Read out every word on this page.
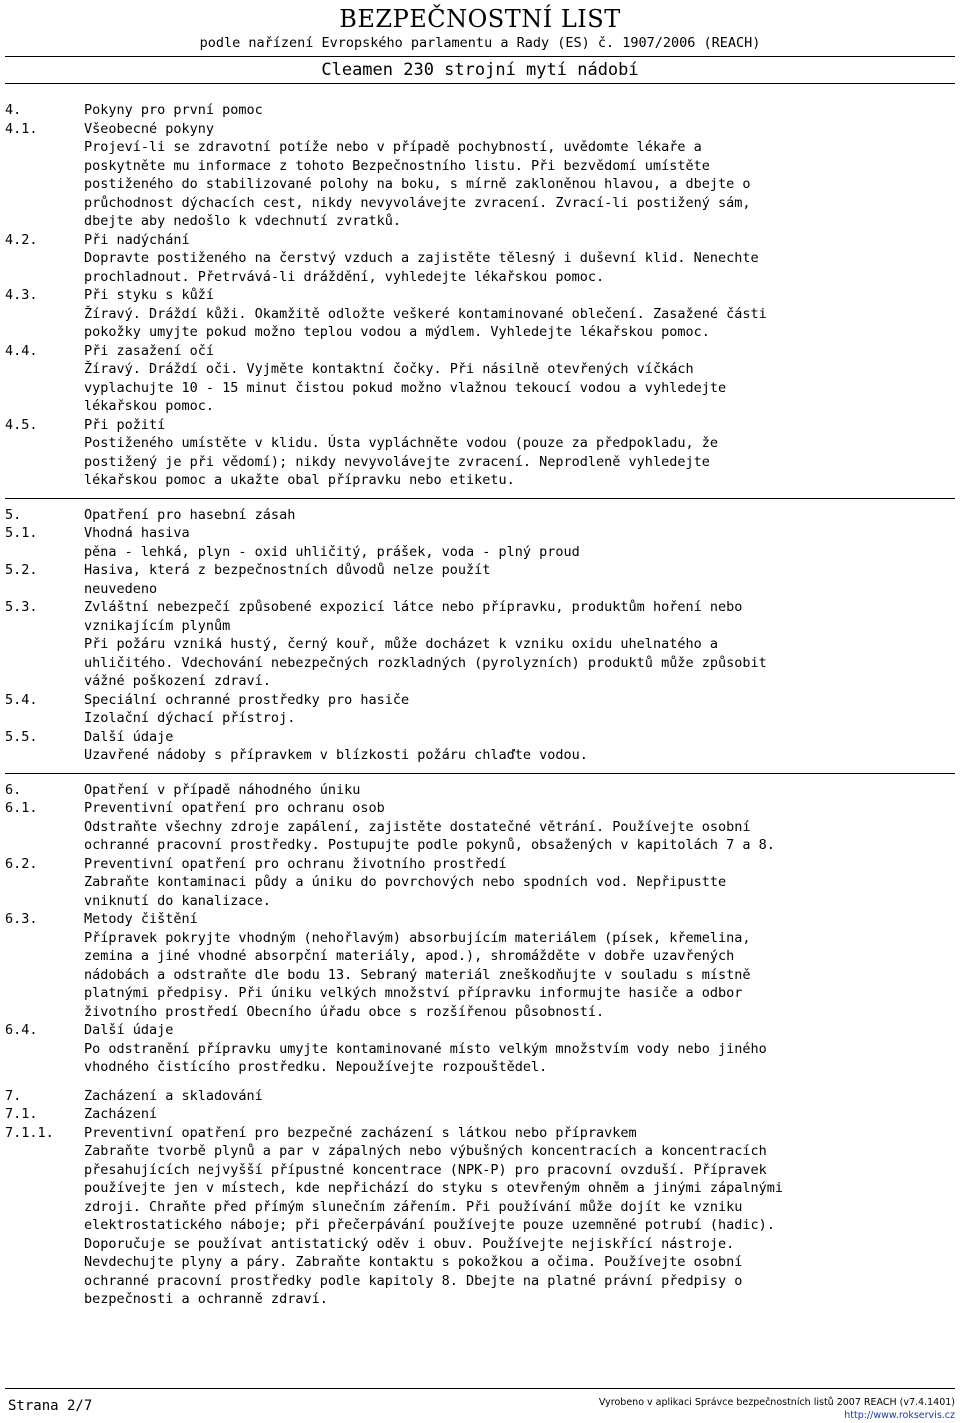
BEZPEČNOSTNÍ LIST
podle nařízení Evropského parlamentu a Rady (ES) č. 1907/2006 (REACH)
Cleamen 230 strojní mytí nádobí
4.	Pokyny pro první pomoc
4.1.	Všeobecné pokyny
Projeví-li se zdravotní potíže nebo v případě pochybností, uvědomte lékaře a
poskytněte mu informace z tohoto Bezpečnostního listu. Při bezvědomí umístěte
postiženého do stabilizované polohy na boku, s mírně zakloněnou hlavou, a dbejte o
průchodnost dýchacích cest, nikdy nevyvolávejte zvracení. Zvrací-li postižený sám,
dbejte aby nedošlo k vdechnutí zvratků.
4.2.	Při nadýchání
Dopravte postiženého na čerstvý vzduch a zajistěte tělesný i duševní klid. Nenechte
prochladnout. Přetrvává-li dráždění, vyhledejte lékařskou pomoc.
4.3.	Při styku s kůží
Žíravý. Dráždí kůži. Okamžitě odložte veškeré kontaminované oblečení. Zasažené části
pokožky umyjte pokud možno teplou vodou a mýdlem. Vyhledejte lékařskou pomoc.
4.4.	Při zasažení očí
Žíravý. Dráždí oči. Vyjměte kontaktní čočky. Při násilně otevřených víčkách
vyplachujte 10 - 15 minut čistou pokud možno vlažnou tekoucí vodou a vyhledejte
lékařskou pomoc.
4.5.	Při požití
Postiženého umístěte v klidu. Ústa vypláchněte vodou (pouze za předpokladu, že
postižený je při vědomí); nikdy nevyvolávejte zvracení. Neprodleně vyhledejte
lékařskou pomoc a ukažte obal přípravku nebo etiketu.
5.	Opatření pro hasební zásah
5.1.	Vhodná hasiva
pěna - lehká, plyn - oxid uhličitý, prášek, voda - plný proud
5.2.	Hasiva, která z bezpečnostních důvodů nelze použít
neuvedeno
5.3.	Zvláštní nebezpečí způsobené expozicí látce nebo přípravku, produktům hoření nebo
vznikajícím plynům
Při požáru vzniká hustý, černý kouř, může docházet k vzniku oxidu uhelnatého a
uhličitého. Vdechování nebezpečných rozkladných (pyrolyzních) produktů může způsobit
vážné poškození zdraví.
5.4.	Speciální ochranné prostředky pro hasiče
Izolační dýchací přístroj.
5.5.	Další údaje
Uzavřené nádoby s přípravkem v blízkosti požáru chlaďte vodou.
6.	Opatření v případě náhodného úniku
6.1.	Preventivní opatření pro ochranu osob
Odstraňte všechny zdroje zapálení, zajistěte dostatečné větrání. Používejte osobní
ochranné pracovní prostředky. Postupujte podle pokynů, obsažených v kapitolách 7 a 8.
6.2.	Preventivní opatření pro ochranu životního prostředí
Zabraňte kontaminaci půdy a úniku do povrchových nebo spodních vod. Nepřipustte
vniknutí do kanalizace.
6.3.	Metody čištění
Přípravek pokryjte vhodným (nehořlavým) absorbujícím materiálem (písek, křemelina,
zemina a jiné vhodné absorpční materiály, apod.), shromážděte v dobře uzavřených
nádobách a odstraňte dle bodu 13. Sebraný materiál zneškodňujte v souladu s místně
platnými předpisy. Při úniku velkých množství přípravku informujte hasiče a odbor
životního prostředí Obecního úřadu obce s rozšířenou působností.
6.4.	Další údaje
Po odstranění přípravku umyjte kontaminované místo velkým množstvím vody nebo jiného
vhodného čistícího prostředku. Nepoužívejte rozpouštědel.
7.	Zacházení a skladování
7.1.	Zacházení
7.1.1.	Preventivní opatření pro bezpečné zacházení s látkou nebo přípravkem
Zabraňte tvorbě plynů a par v zápalných nebo výbušných koncentracích a koncentracích
přesahujících nejvyšší přípustné koncentrace (NPK-P) pro pracovní ovzduší. Přípravek
používejte jen v místech, kde nepřichází do styku s otevřeným ohněm a jinými zápalnými
zdroji. Chraňte před přímým slunečním zářením. Při používání může dojít ke vzniku
elektrostatického náboje; při přečerpávání používejte pouze uzemněné potrubí (hadic).
Doporučuje se používat antistatický oděv i obuv. Používejte nejiskřící nástroje.
Nevdechujte plyny a páry. Zabraňte kontaktu s pokožkou a očima. Používejte osobní
ochranné pracovní prostředky podle kapitoly 8. Dbejte na platné právní předpisy o
bezpečnosti a ochranně zdraví.
Strana 2/7	Vyrobeno v aplikaci Správce bezpečnostních listů 2007 REACH (v7.4.1401)
http://www.rokservis.cz
